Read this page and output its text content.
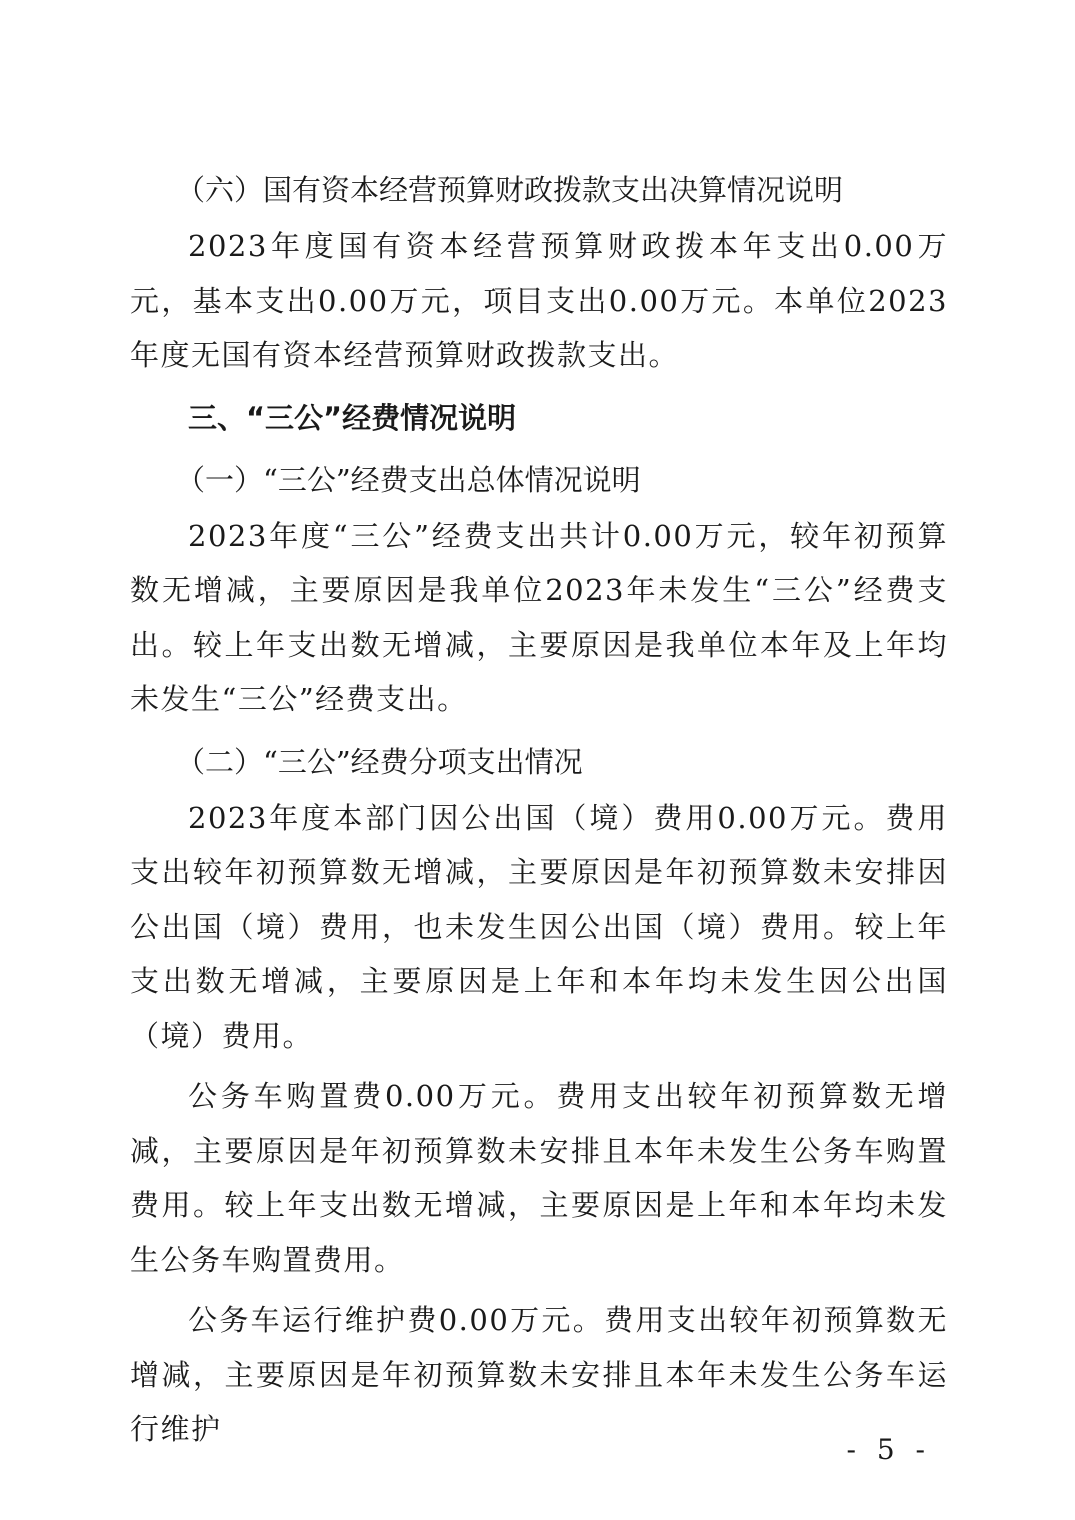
（六）国有资本经营预算财政拨款支出决算情况说明

2023年度国有资本经营预算财政拨本年支出0.00万元，基本支出0.00万元，项目支出0.00万元。本单位2023年度无国有资本经营预算财政拨款支出。

三、“三公”经费情况说明
（一）“三公”经费支出总体情况说明

2023年度“三公”经费支出共计0.00万元，较年初预算数无增减，主要原因是我单位2023年未发生“三公”经费支出。较上年支出数无增减，主要原因是我单位本年及上年均未发生“三公”经费支出。

（二）“三公”经费分项支出情况

2023年度本部门因公出国（境）费用0.00万元。费用支出较年初预算数无增减，主要原因是年初预算数未安排因公出国（境）费用，也未发生因公出国（境）费用。较上年支出数无增减，主要原因是上年和本年均未发生因公出国（境）费用。

公务车购置费0.00万元。费用支出较年初预算数无增减，主要原因是年初预算数未安排且本年未发生公务车购置费用。较上年支出数无增减，主要原因是上年和本年均未发生公务车购置费用。

公务车运行维护费0.00万元。费用支出较年初预算数无增减，主要原因是年初预算数未安排且本年未发生公务车运行维护

- 5 -
